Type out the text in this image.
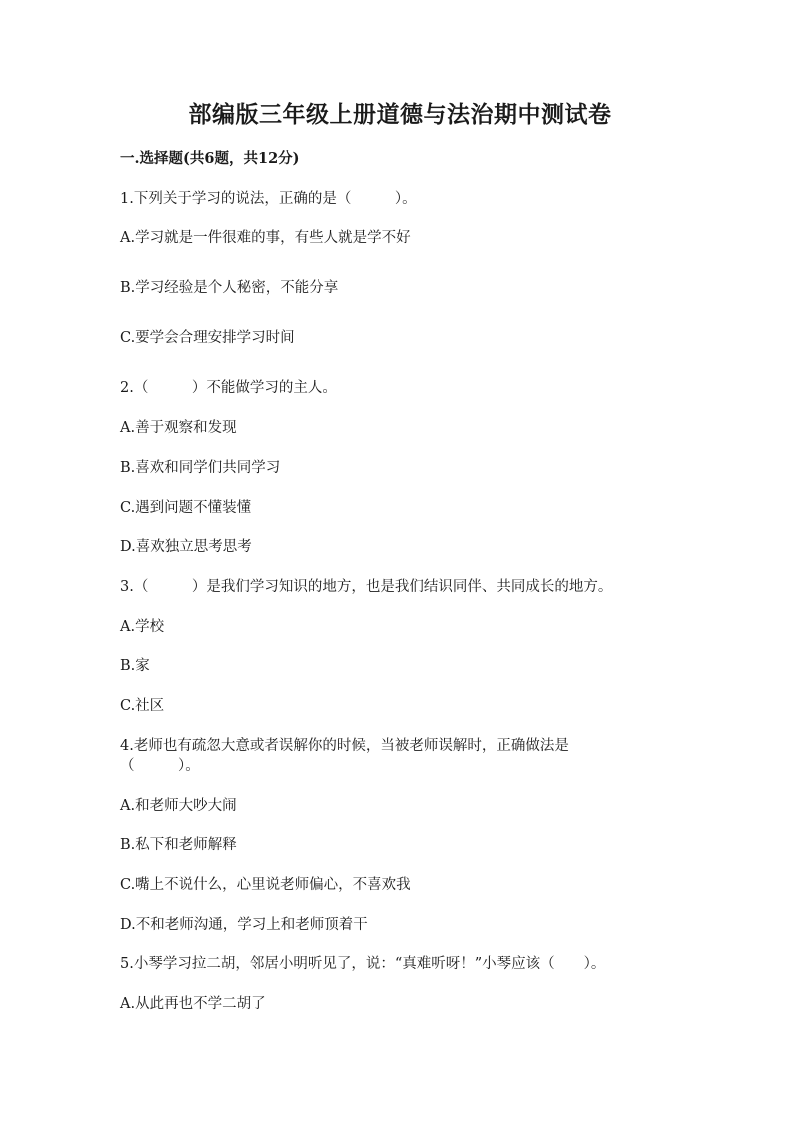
部编版三年级上册道德与法治期中测试卷
一.选择题(共6题，共12分)
1.下列关于学习的说法，正确的是（　　　）。
A.学习就是一件很难的事，有些人就是学不好
B.学习经验是个人秘密，不能分享
C.要学会合理安排学习时间
2.（　　　）不能做学习的主人。
A.善于观察和发现
B.喜欢和同学们共同学习
C.遇到问题不懂装懂
D.喜欢独立思考思考
3.（　　　）是我们学习知识的地方，也是我们结识同伴、共同成长的地方。
A.学校
B.家
C.社区
4.老师也有疏忽大意或者误解你的时候，当被老师误解时，正确做法是
（　　　）。
A.和老师大吵大闹
B.私下和老师解释
C.嘴上不说什么，心里说老师偏心，不喜欢我
D.不和老师沟通，学习上和老师顶着干
5.小琴学习拉二胡，邻居小明听见了，说：“真难听呀！”小琴应该（　　）。
A.从此再也不学二胡了
